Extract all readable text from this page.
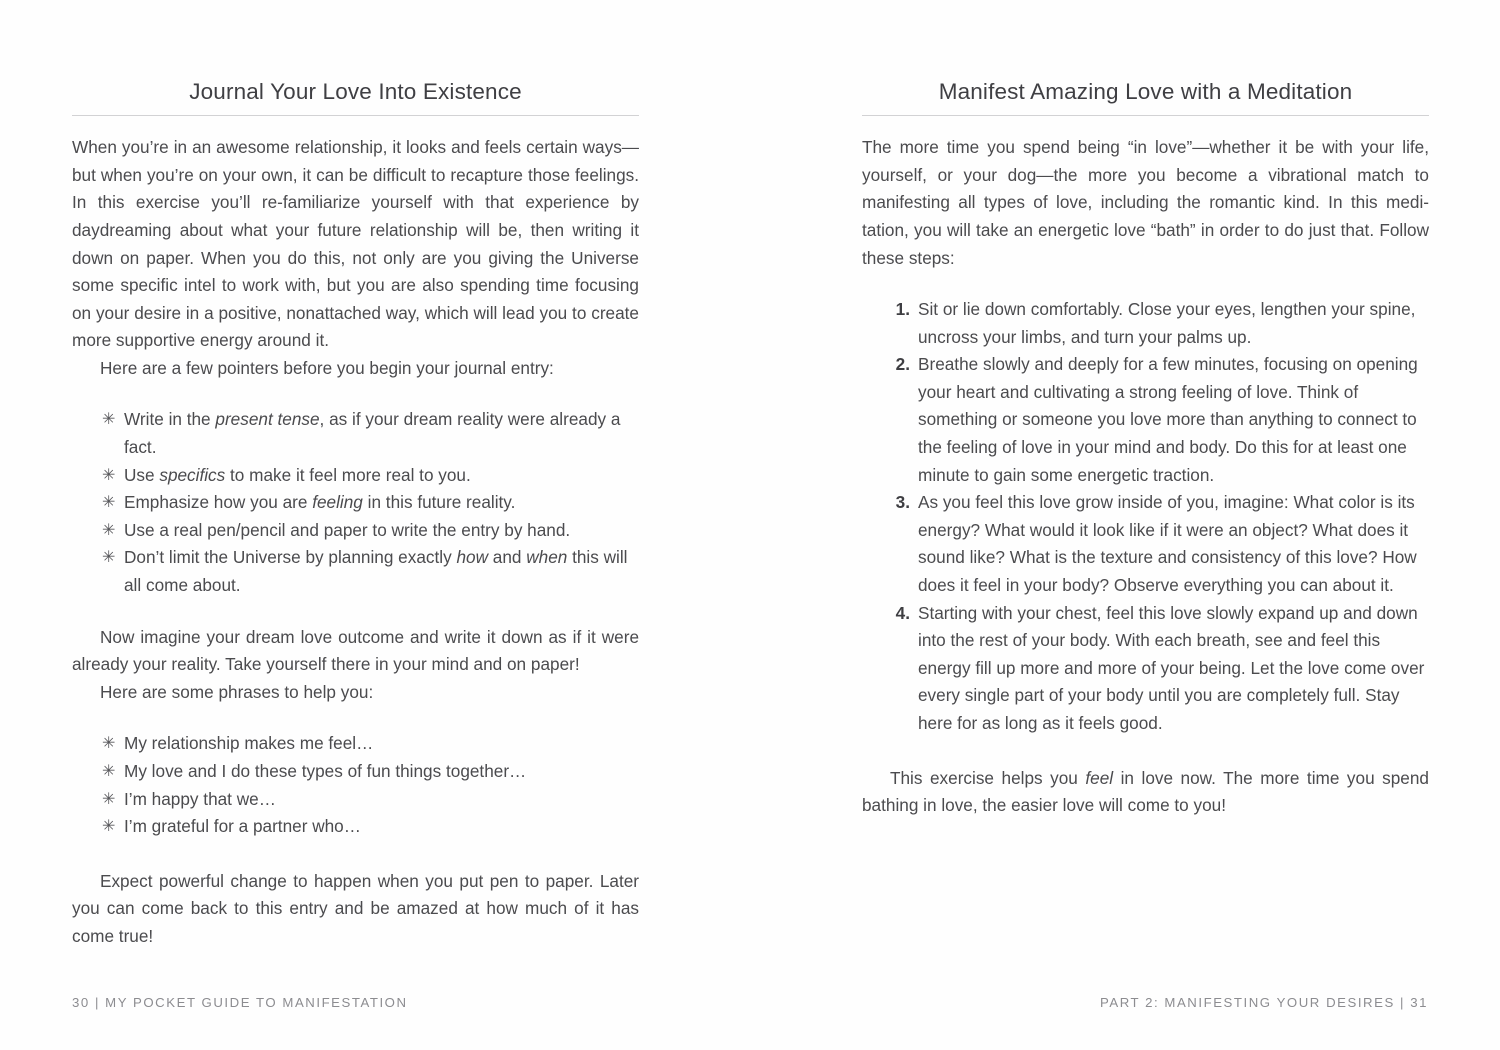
Journal Your Love Into Existence

When you’re in an awesome relationship, it looks and feels certain ways—but when you’re on your own, it can be difficult to recapture those feelings. In this exercise you’ll re-familiarize yourself with that experience by daydreaming about what your future relationship will be, then writing it down on paper. When you do this, not only are you giving the Universe some specific intel to work with, but you are also spending time focusing on your desire in a positive, nonattached way, which will lead you to create more supportive energy around it.

Here are a few pointers before you begin your journal entry:

✳ Write in the present tense, as if your dream reality were already a fact.
✳ Use specifics to make it feel more real to you.
✳ Emphasize how you are feeling in this future reality.
✳ Use a real pen/pencil and paper to write the entry by hand.
✳ Don’t limit the Universe by planning exactly how and when this will all come about.

Now imagine your dream love outcome and write it down as if it were already your reality. Take yourself there in your mind and on paper!

Here are some phrases to help you:

✳ My relationship makes me feel…
✳ My love and I do these types of fun things together…
✳ I’m happy that we…
✳ I’m grateful for a partner who…

Expect powerful change to happen when you put pen to paper. Later you can come back to this entry and be amazed at how much of it has come true!

30 | MY POCKET GUIDE TO MANIFESTATION
Manifest Amazing Love with a Meditation

The more time you spend being “in love”—whether it be with your life, yourself, or your dog—the more you become a vibrational match to manifesting all types of love, including the romantic kind. In this medi-tation, you will take an energetic love “bath” in order to do just that. Follow these steps:

1. Sit or lie down comfortably. Close your eyes, lengthen your spine, uncross your limbs, and turn your palms up.
2. Breathe slowly and deeply for a few minutes, focusing on opening your heart and cultivating a strong feeling of love. Think of something or someone you love more than anything to connect to the feeling of love in your mind and body. Do this for at least one minute to gain some energetic traction.
3. As you feel this love grow inside of you, imagine: What color is its energy? What would it look like if it were an object? What does it sound like? What is the texture and consistency of this love? How does it feel in your body? Observe everything you can about it.
4. Starting with your chest, feel this love slowly expand up and down into the rest of your body. With each breath, see and feel this energy fill up more and more of your being. Let the love come over every single part of your body until you are completely full. Stay here for as long as it feels good.

This exercise helps you feel in love now. The more time you spend bathing in love, the easier love will come to you!

PART 2: MANIFESTING YOUR DESIRES | 31
